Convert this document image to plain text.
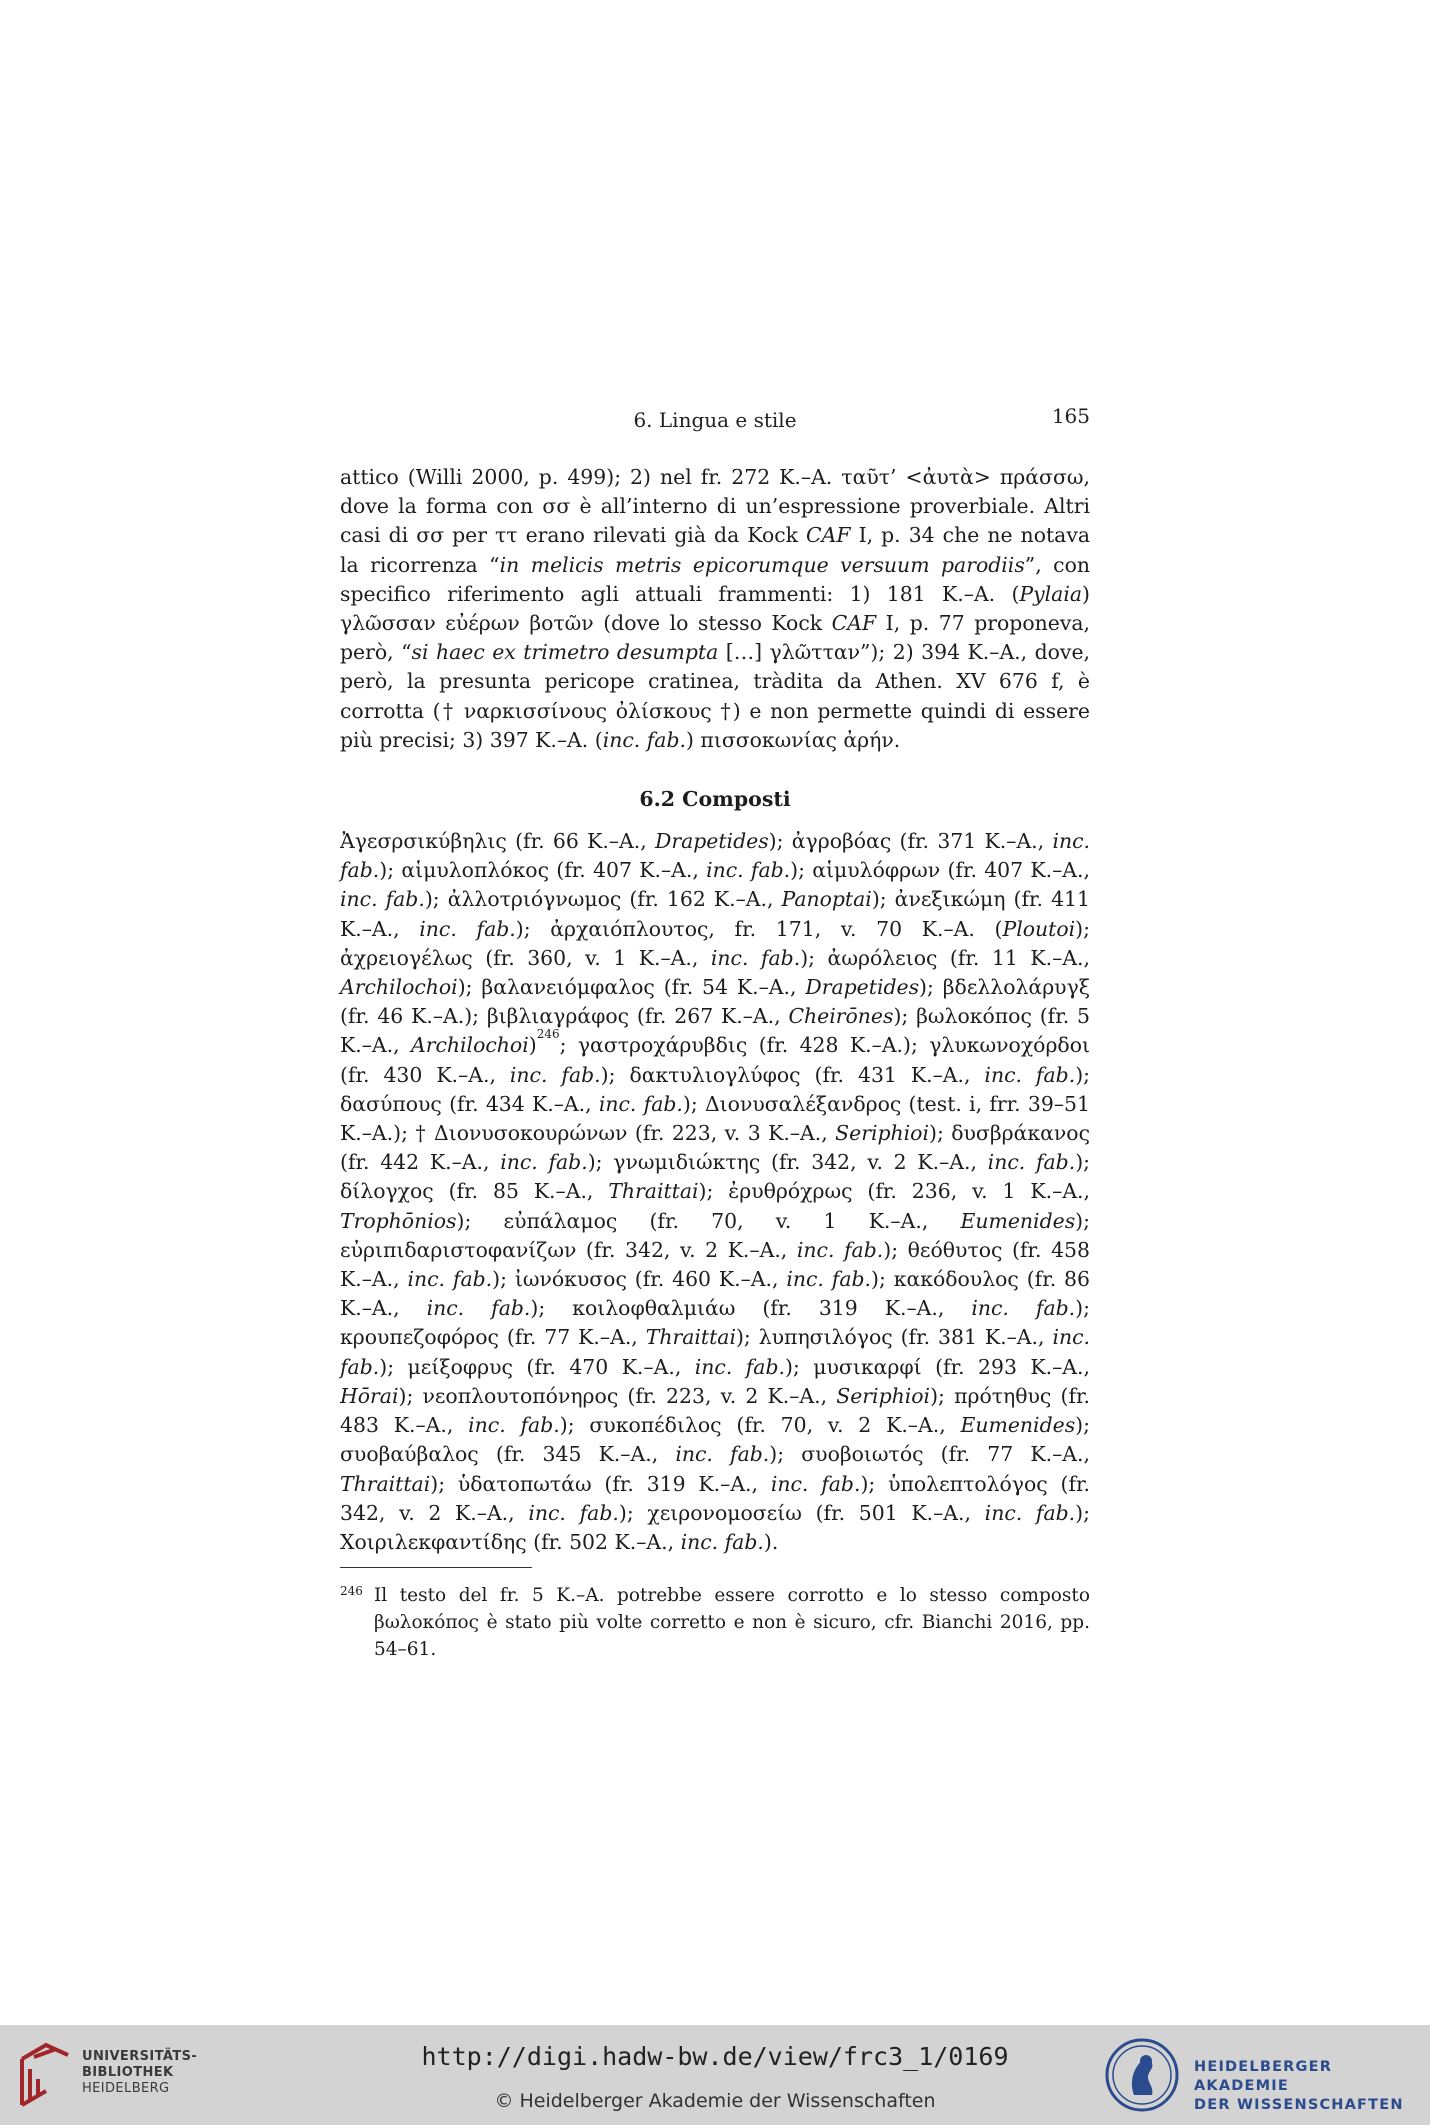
6. Lingua e stile	165

attico (Willi 2000, p. 499); 2) nel fr. 272 K.–A. ταῦτ’ <ἀυτὰ> πράσσω, dove la forma con σσ è all’interno di un’espressione proverbiale. Altri casi di σσ per ττ erano rilevati già da Kock CAF I, p. 34 che ne notava la ricorrenza “in melicis metris epicorumque versuum parodiis”, con specifico riferimento agli attuali frammenti: 1) 181 K.–A. (Pylaia) γλῶσσαν εὐέρων βοτῶν (dove lo stesso Kock CAF I, p. 77 proponeva, però, “si haec ex trimetro desumpta […] γλῶτταν”); 2) 394 K.–A., dove, però, la presunta pericope cratinea, tràdita da Athen. XV 676 f, è corrotta († ναρκισσίνους ὀλίσκους †) e non permette quindi di essere più precisi; 3) 397 K.–A. (inc. fab.) πισσοκωνίας ἀρήν.

6.2 Composti

Ἀγεσρσικύβηλις (fr. 66 K.–A., Drapetides); ἀγροβόας (fr. 371 K.–A., inc. fab.); αἱμυλοπλόκος (fr. 407 K.–A., inc. fab.); αἱμυλόφρων (fr. 407 K.–A., inc. fab.); ἀλλοτριόγνωμος (fr. 162 K.–A., Panoptai); ἀνεξικώμη (fr. 411 K.–A., inc. fab.); ἀρχαιόπλουτος, fr. 171, v. 70 K.–A. (Ploutoi); ἀχρειογέλως (fr. 360, v. 1 K.–A., inc. fab.); ἀωρόλειος (fr. 11 K.–A., Archilochoi); βαλανειόμφαλος (fr. 54 K.–A., Drapetides); βδελλολάρυγξ (fr. 46 K.–A.); βιβλιαγράφος (fr. 267 K.–A., Cheirōnes); βωλοκόπος (fr. 5 K.–A., Archilochoi)$^{246}$; γαστροχάρυβδις (fr. 428 K.–A.); γλυκωνοχόρδοι (fr. 430 K.–A., inc. fab.); δακτυλιογλύφος (fr. 431 K.–A., inc. fab.); δασύπους (fr. 434 K.–A., inc. fab.); Διονυσαλέξανδρος (test. i, frr. 39–51 K.–A.); † Διονυσοκουρώνων (fr. 223, v. 3 K.–A., Seriphioi); δυσβράκανος (fr. 442 K.–A., inc. fab.); γνωμιδιώκτης (fr. 342, v. 2 K.–A., inc. fab.); δίλογχος (fr. 85 K.–A., Thraittai); ἐρυθρόχρως (fr. 236, v. 1 K.–A., Trophōnios); εὐπάλαμος (fr. 70, v. 1 K.–A., Eumenides); εὐριπιδαριστοφανίζων (fr. 342, v. 2 K.–A., inc. fab.); θεόθυτος (fr. 458 K.–A., inc. fab.); ἰωνόκυσος (fr. 460 K.–A., inc. fab.); κακόδουλος (fr. 86 K.–A., inc. fab.); κοιλοφθαλμιάω (fr. 319 K.–A., inc. fab.); κρουπεζοφόρος (fr. 77 K.–A., Thraittai); λυπησιλόγος (fr. 381 K.–A., inc. fab.); μείξοφρυς (fr. 470 K.–A., inc. fab.); μυσικαρφί (fr. 293 K.–A., Hōrai); νεοπλουτοπόνηρος (fr. 223, v. 2 K.–A., Seriphioi); πρότηθυς (fr. 483 K.–A., inc. fab.); συκοπέδιλος (fr. 70, v. 2 K.–A., Eumenides); συοβαύβαλος (fr. 345 K.–A., inc. fab.); συοβοιωτός (fr. 77 K.–A., Thraittai); ὑδατοπωτάω (fr. 319 K.–A., inc. fab.); ὑπολεπτολόγος (fr. 342, v. 2 K.–A., inc. fab.); χειρονομοσείω (fr. 501 K.–A., inc. fab.); Χοιριλεκφαντίδης (fr. 502 K.–A., inc. fab.).

246 Il testo del fr. 5 K.–A. potrebbe essere corrotto e lo stesso composto βωλοκόπος è stato più volte corretto e non è sicuro, cfr. Bianchi 2016, pp. 54–61.
UNIVERSITÄTS-
BIBLIOTHEK
HEIDELBERG
http://digi.hadw-bw.de/view/frc3_1/0169
© Heidelberger Akademie der Wissenschaften
HEIDELBERGER AKADEMIE
DER WISSENSCHAFTEN
